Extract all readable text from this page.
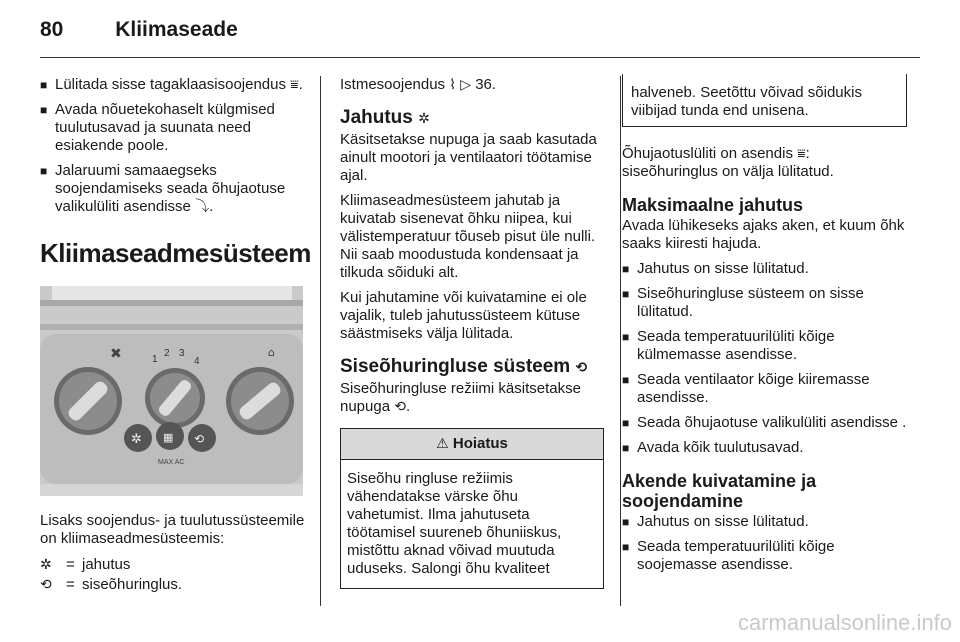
80 Kliimaseade
■ Lülitada sisse tagaklaasisoojendus ⩸.
■ Avada nõuetekohaselt külgmised tuulutusavad ja suunata need esiakende poole.
■ Jalaruumi samaaegseks soojendamiseks seada õhujaotuse valikulüliti asendisse ⤵.
Kliimaseadmesüsteem
✲ ▦ ⟲
✖	⌂
1
2 3
4
MAX AC

Lisaks soojendus- ja tuulutussüsteemile on kliimaseadmesüsteemis:

✲ = jahutus
⟲ = siseõhuringlus.

Istmesoojendus ⌇ ▷ 36.

Jahutus ✲

Käsitsetakse nupuga ja saab kasutada ainult mootori ja ventilaatori töötamise ajal.

Kliimaseadmesüsteem jahutab ja kuivatab sisenevat õhku niipea, kui välistemperatuur tõuseb pisut üle nulli. Nii saab moodustuda kondensaat ja tilkuda sõiduki alt.

Kui jahutamine või kuivatamine ei ole vajalik, tuleb jahutussüsteem kütuse säästmiseks välja lülitada.

Siseõhuringluse süsteem ⟲

Siseõhuringluse režiimi käsitsetakse nupuga ⟲.

⚠ Hoiatus
Siseõhu ringluse režiimis vähendatakse värske õhu vahetumist. Ilma jahutuseta töötamisel suureneb õhuniiskus, mistõttu aknad võivad muutuda uduseks. Salongi õhu kvaliteet
halveneb. Seetõttu võivad sõidukis viibijad tunda end unisena.

Õhujaotuslüliti on asendis ⩸:
siseõhuringlus on välja lülitatud.

Maksimaalne jahutus

Avada lühikeseks ajaks aken, et kuum õhk saaks kiiresti hajuda.

■ Jahutus on sisse lülitatud.
■ Siseõhuringluse süsteem on sisse lülitatud.
■ Seada temperatuurilüliti kõige külmemasse asendisse.
■ Seada ventilaator kõige kiiremasse asendisse.
■ Seada õhujaotuse valikulüliti asendisse .
■ Avada kõik tuulutusavad.
Akende kuivatamine ja soojendamine
■ Jahutus on sisse lülitatud.
■ Seada temperatuurilüliti kõige soojemasse asendisse.
carmanualsonline.info
